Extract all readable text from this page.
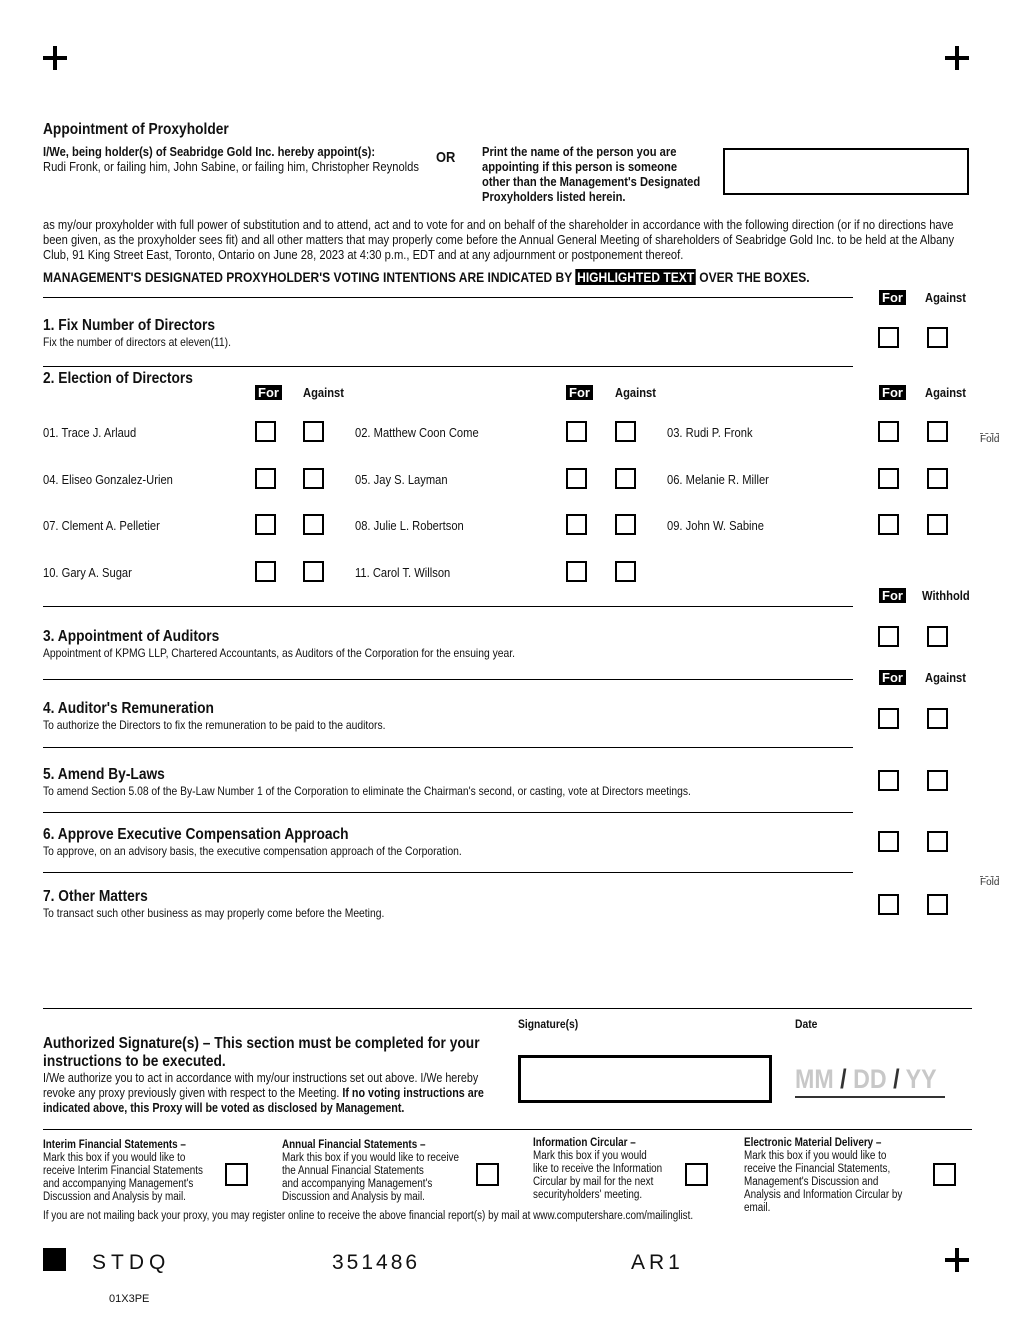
Appointment of Proxyholder
I/We, being holder(s) of Seabridge Gold Inc. hereby appoint(s):
Rudi Fronk, or failing him, John Sabine, or failing him, Christopher Reynolds
OR Print the name of the person you are
appointing if this person is someone
other than the Management's Designated
Proxyholders listed herein.
as my/our proxyholder with full power of substitution and to attend, act and to vote for and on behalf of the shareholder in accordance with the following direction (or if no directions have
been given, as the proxyholder sees fit) and all other matters that may properly come before the Annual General Meeting of shareholders of Seabridge Gold Inc. to be held at the Albany
Club, 91 King Street East, Toronto, Ontario on June 28, 2023 at 4:30 p.m., EDT and at any adjournment or postponement thereof.
MANAGEMENT'S DESIGNATED PROXYHOLDER'S VOTING INTENTIONS ARE INDICATED BY HIGHLIGHTED TEXT OVER THE BOXES.
For Against
1. Fix Number of Directors
Fix the number of directors at eleven(11).
2. Election of Directors
For Against	For Against	For Against
01. Trace J. Arlaud	02. Matthew Coon Come	03. Rudi P. Fronk	Fold
04. Eliseo Gonzalez-Urien	05. Jay S. Layman	06. Melanie R. Miller
07. Clement A. Pelletier	08. Julie L. Robertson	09. John W. Sabine
10. Gary A. Sugar	11. Carol T. Willson
For Withhold
3. Appointment of Auditors
Appointment of KPMG LLP, Chartered Accountants, as Auditors of the Corporation for the ensuing year.
For Against
4. Auditor's Remuneration
To authorize the Directors to fix the remuneration to be paid to the auditors.
5. Amend By-Laws
To amend Section 5.08 of the By-Law Number 1 of the Corporation to eliminate the Chairman's second, or casting, vote at Directors meetings.
6. Approve Executive Compensation Approach
To approve, on an advisory basis, the executive compensation approach of the Corporation.
7. Other Matters
To transact such other business as may properly come before the Meeting.
Fold
Authorized Signature(s) – This section must be completed for your
instructions to be executed.
I/We authorize you to act in accordance with my/our instructions set out above. I/We hereby
revoke any proxy previously given with respect to the Meeting. If no voting instructions are
indicated above, this Proxy will be voted as disclosed by Management.
Signature(s)	Date
MM / DD / YY
Interim Financial Statements –
Mark this box if you would like to
receive Interim Financial Statements
and accompanying Management's
Discussion and Analysis by mail.
Annual Financial Statements –
Mark this box if you would like to receive
the Annual Financial Statements
and accompanying Management's
Discussion and Analysis by mail.
Information Circular –
Mark this box if you would
like to receive the Information
Circular by mail for the next
securityholders' meeting.
Electronic Material Delivery –
Mark this box if you would like to
receive the Financial Statements,
Management's Discussion and
Analysis and Information Circular by
email.
If you are not mailing back your proxy, you may register online to receive the above financial report(s) by mail at www.computershare.com/mailinglist.
STDQ	351486	AR1
01X3PE
